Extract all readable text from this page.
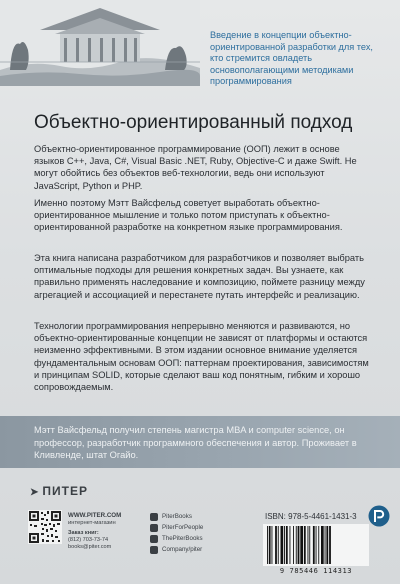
Введение в концепции объектно-ориентированной разработки для тех, кто стремится овладеть основополагающими методиками программирования
Объектно-ориентированный подход
Объектно-ориентированное программирование (ООП) лежит в основе языков C++, Java, C#, Visual Basic .NET, Ruby, Objective-C и даже Swift. Не могут обойтись без объектов веб-технологии, ведь они используют JavaScript, Python и PHP.
Именно поэтому Мэтт Вайсфельд советует выработать объектно-ориентированное мышление и только потом приступать к объектно-ориентированной разработке на конкретном языке программирования.
Эта книга написана разработчиком для разработчиков и позволяет выбрать оптимальные подходы для решения конкретных задач. Вы узнаете, как правильно применять наследование и композицию, поймете разницу между агрегацией и ассоциацией и перестанете путать интерфейс и реализацию.
Технологии программирования непрерывно меняются и развиваются, но объектно-ориентированные концепции не зависят от платформы и остаются неизменно эффективными. В этом издании основное внимание уделяется фундаментальным основам ООП: паттернам проектирования, зависимостям и принципам SOLID, которые сделают ваш код понятным, гибким и хорошо сопровождаемым.
Мэтт Вайсфельд получил степень магистра MBA и computer science, он профессор, разработчик программного обеспечения и автор. Проживает в Кливленде, штат Огайо.
➤ ПИТЕР
WWW.PITER.COM
интернет-магазин
Заказ книг:
(812) 703-73-74
books@piter.com
PiterBooks
PiterForPeople
ThePiterBooks
Company/piter
ISBN: 978-5-4461-1431-3
9 785446 114313
